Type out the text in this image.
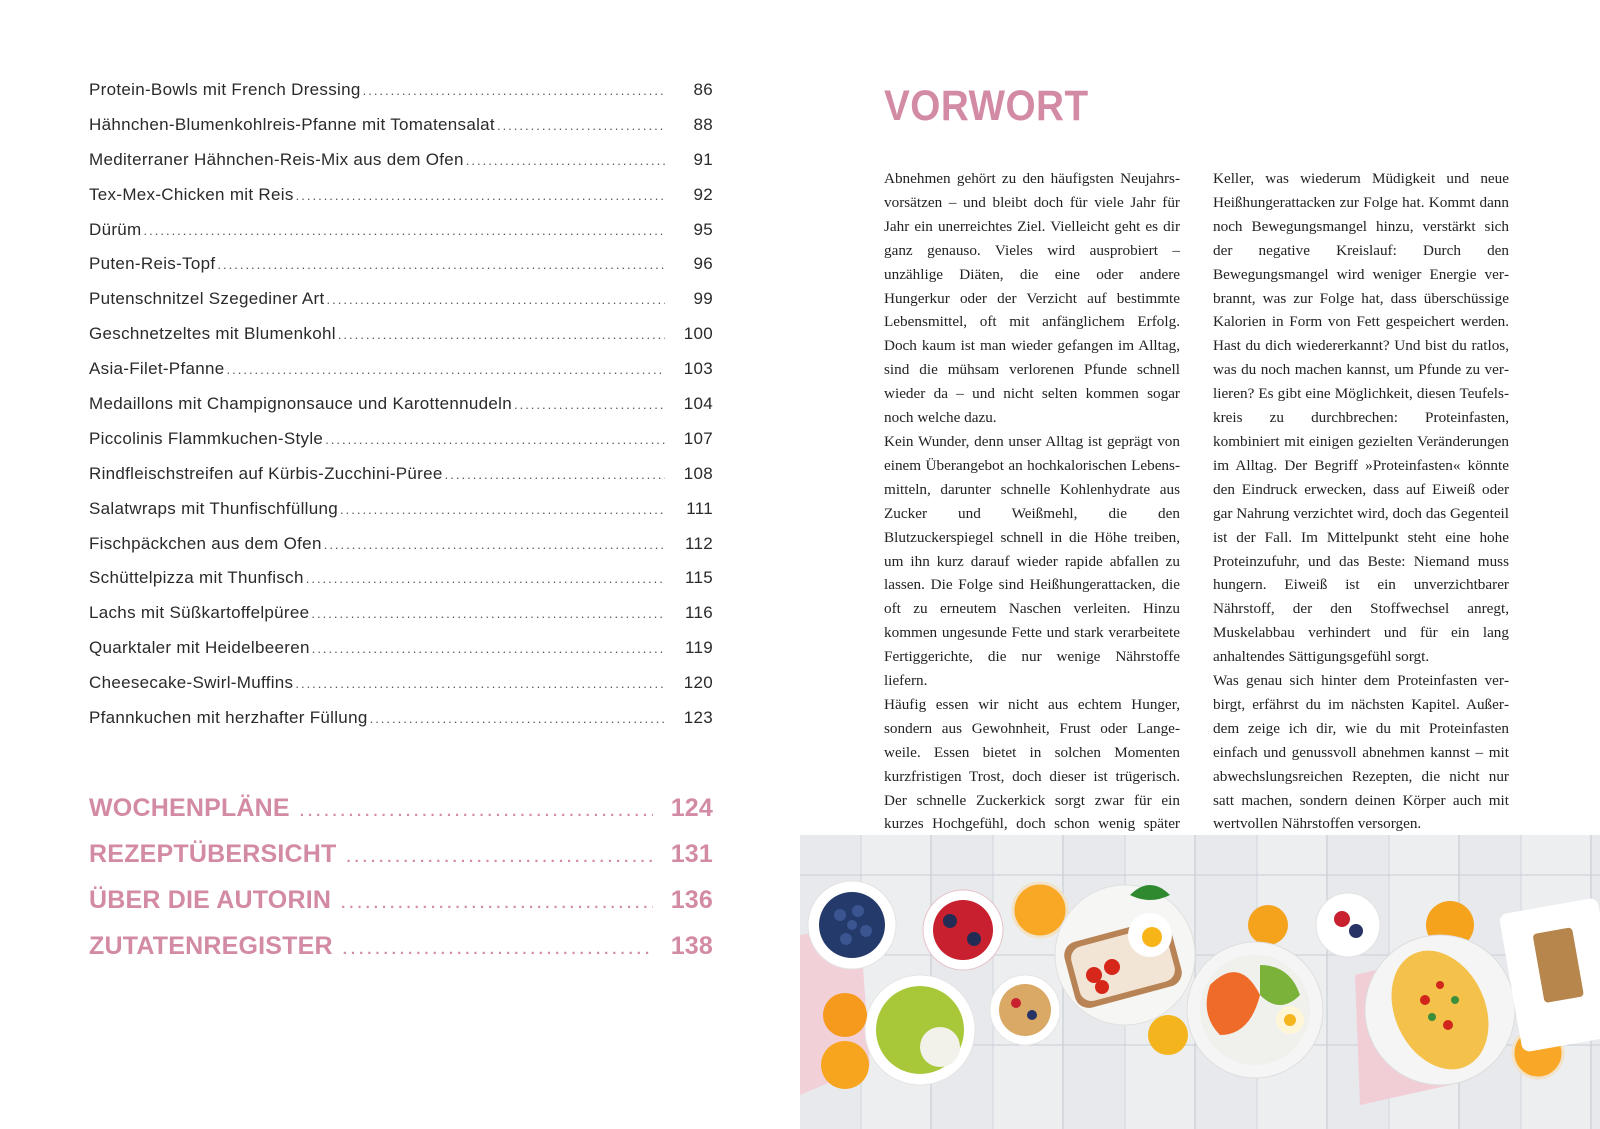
Protein-Bowls mit French Dressing .....	86
Hähnchen-Blumenkohlreis-Pfanne mit Tomatensalat .....	88
Mediterraner Hähnchen-Reis-Mix aus dem Ofen .....	91
Tex-Mex-Chicken mit Reis .....	92
Dürüm .....	95
Puten-Reis-Topf .....	96
Putenschnitzel Szegediner Art .....	99
Geschnetzeltes mit Blumenkohl .....	100
Asia-Filet-Pfanne .....	103
Medaillons mit Champignonsauce und Karottennudeln .....	104
Piccolinis Flammkuchen-Style .....	107
Rindfleischstreifen auf Kürbis-Zucchini-Püree .....	108
Salatwraps mit Thunfischfüllung .....	111
Fischpäckchen aus dem Ofen .....	112
Schüttelpizza mit Thunfisch .....	115
Lachs mit Süßkartoffelpüree .....	116
Quarktaler mit Heidelbeeren .....	119
Cheesecake-Swirl-Muffins .....	120
Pfannkuchen mit herzhafter Füllung .....	123
WOCHENPLÄNE .....	124
REZEPTÜBERSICHT .....	131
ÜBER DIE AUTORIN .....	136
ZUTATENREGISTER .....	138
VORWORT

Abnehmen gehört zu den häufigsten Neujahrsvorsätzen – und bleibt doch für viele Jahr für Jahr ein unerreichtes Ziel. Vielleicht geht es dir ganz genauso. Vieles wird ausprobiert – unzählige Diäten, die eine oder andere Hungerkur oder der Verzicht auf bestimmte Lebensmittel, oft mit anfänglichem Erfolg. Doch kaum ist man wieder gefangen im Alltag, sind die mühsam verlorenen Pfunde schnell wieder da – und nicht selten kommen sogar noch welche dazu.

Kein Wunder, denn unser Alltag ist geprägt von einem Überangebot an hochkalorischen Lebensmitteln, darunter schnelle Kohlenhydrate aus Zucker und Weißmehl, die den Blutzuckerspiegel schnell in die Höhe treiben, um ihn kurz darauf wieder rapide abfallen zu lassen. Die Folge sind Heißhungerattacken, die oft zu erneutem Naschen verleiten. Hinzu kommen ungesunde Fette und stark verarbeitete Fertiggerichte, die nur wenige Nährstoffe liefern.

Häufig essen wir nicht aus echtem Hunger, sondern aus Gewohnheit, Frust oder Langeweile. Essen bietet in solchen Momenten kurzfristigen Trost, doch dieser ist trügerisch. Der schnelle Zuckerkick sorgt zwar für ein kurzes Hochgefühl, doch schon wenig später

Keller, was wiederum Müdigkeit und neue Heißhungerattacken zur Folge hat. Kommt dann noch Bewegungsmangel hinzu, verstärkt sich der negative Kreislauf: Durch den Bewegungsmangel wird weniger Energie verbrannt, was zur Folge hat, dass überschüssige Kalorien in Form von Fett gespeichert werden. Hast du dich wiedererkannt? Und bist du ratlos, was du noch machen kannst, um Pfunde zu verlieren? Es gibt eine Möglichkeit, diesen Teufelskreis zu durchbrechen: Proteinfasten, kombiniert mit einigen gezielten Veränderungen im Alltag. Der Begriff »Proteinfasten« könnte den Eindruck erwecken, dass auf Eiweiß oder gar Nahrung verzichtet wird, doch das Gegenteil ist der Fall. Im Mittelpunkt steht eine hohe Proteinzufuhr, und das Beste: Niemand muss hungern. Eiweiß ist ein unverzichtbarer Nährstoff, der den Stoffwechsel anregt, Muskelabbau verhindert und für ein lang anhaltendes Sättigungsgefühl sorgt.

Was genau sich hinter dem Proteinfasten verbirgt, erfährst du im nächsten Kapitel. Außerdem zeige ich dir, wie du mit Proteinfasten einfach und genussvoll abnehmen kannst – mit abwechslungsreichen Rezepten, die nicht nur satt machen, sondern deinen Körper auch mit wertvollen Nährstoffen versorgen.
